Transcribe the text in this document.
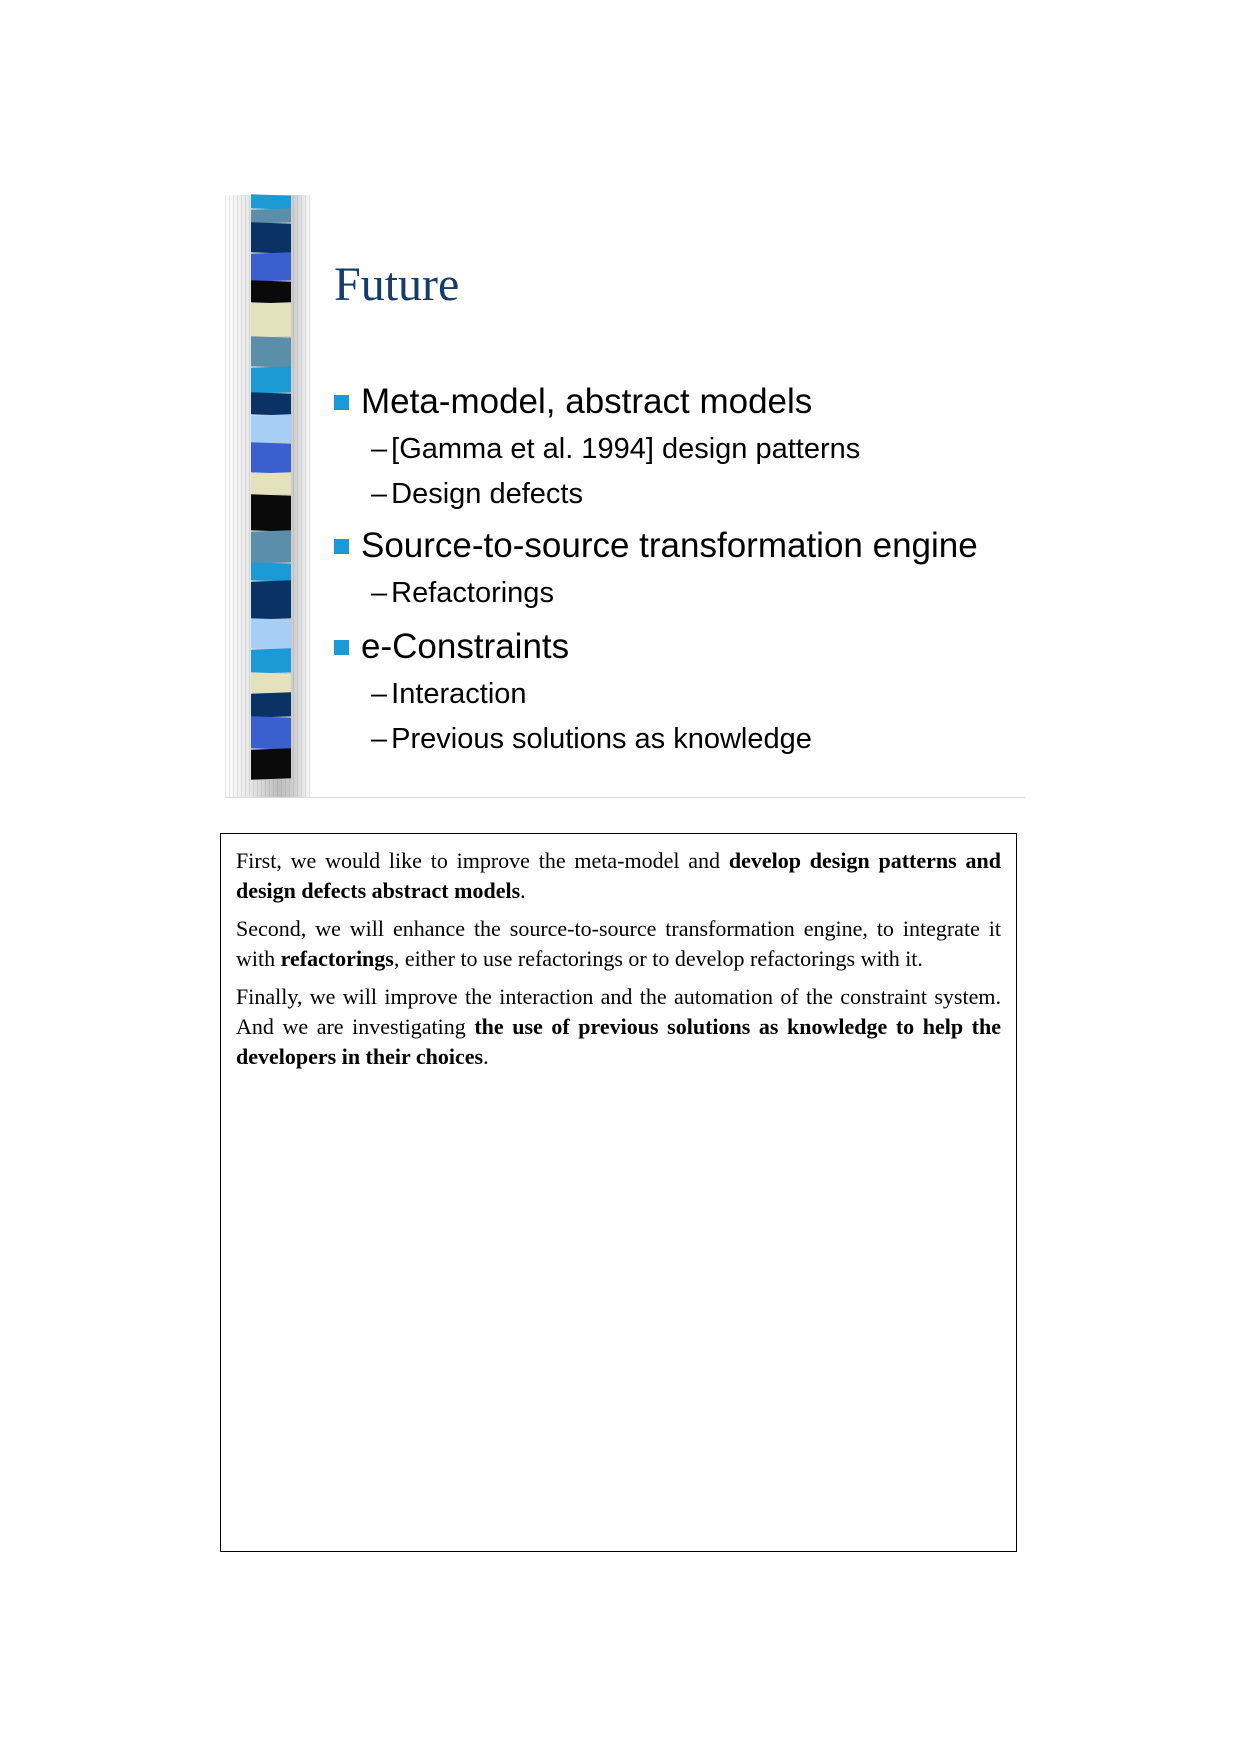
Future
Meta-model, abstract models
– [Gamma et al. 1994] design patterns
– Design defects
Source-to-source transformation engine
– Refactorings
e-Constraints
– Interaction
– Previous solutions as knowledge

First, we would like to improve the meta-model and develop design patterns and design defects abstract models.

Second, we will enhance the source-to-source transformation engine, to integrate it with refactorings, either to use refactorings or to develop refactorings with it.

Finally, we will improve the interaction and the automation of the constraint system. And we are investigating the use of previous solutions as knowledge to help the developers in their choices.
